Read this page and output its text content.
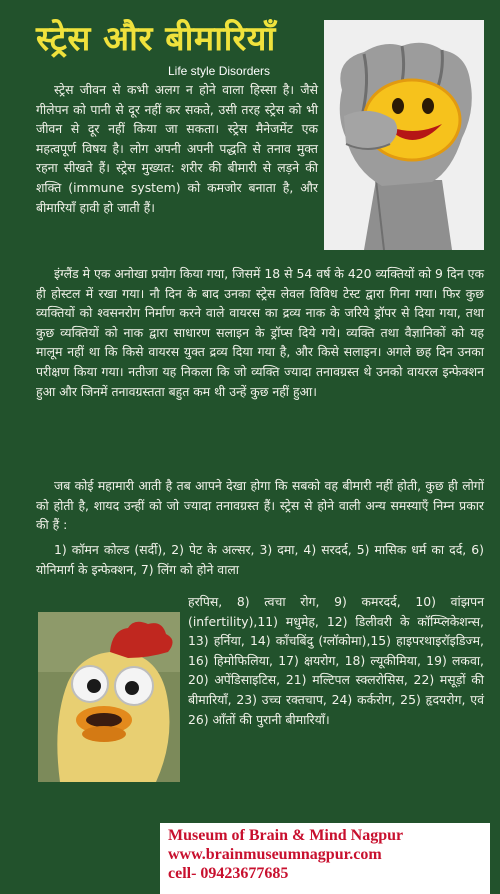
स्ट्रेस और बीमारियाँ
Life style Disorders
स्ट्रेस जीवन से कभी अलग न होने वाला हिस्सा है। जैसे गीलेपन को पानी से दूर नहीं कर सकते, उसी तरह स्ट्रेस को भी जीवन से दूर नहीं किया जा सकता। स्ट्रेस मैनेजमेंट एक महत्वपूर्ण विषय है। लोग अपनी अपनी पद्धति से तनाव मुक्त रहना सीखते हैं। स्ट्रेस मुख्यत: शरीर की बीमारी से लड़ने की शक्ति (immune system) को कमजोर बनाता है, और बीमारियाँ हावी हो जाती हैं।
इंग्लैंड मे एक अनोखा प्रयोग किया गया, जिसमें 18 से 54 वर्ष के 420 व्यक्तियों को 9 दिन एक ही होस्टल में रखा गया। नौ दिन के बाद उनका स्ट्रेस लेवल विविध टेस्ट द्वारा गिना गया। फिर कुछ व्यक्तियों को श्वसनरोग निर्माण करने वाले वायरस का द्रव्य नाक के जरिये ड्रॉपर से दिया गया, तथा कुछ व्यक्तियों को नाक द्वारा साधारण सलाइन के ड्रॉप्स दिये गये। व्यक्ति तथा वैज्ञानिकों को यह मालूम नहीं था कि किसे वायरस युक्त द्रव्य दिया गया है, और किसे सलाइन। अगले छह दिन उनका परीक्षण किया गया। नतीजा यह निकला कि जो व्यक्ति ज्यादा तनावग्रस्त थे उनको वायरल इन्फेक्शन हुआ और जिनमें तनावग्रस्तता बहुत कम थी उन्हें कुछ नहीं हुआ।
जब कोई महामारी आती है तब आपने देखा होगा कि सबको वह बीमारी नहीं होती, कुछ ही लोगों को होती है, शायद उन्हीं को जो ज्यादा तनावग्रस्त हैं। स्ट्रेस से होने वाली अन्य समस्याएँ निम्न प्रकार की हैं :
1) कॉमन कोल्ड (सर्दी), 2) पेट के अल्सर, 3) दमा, 4) सरदर्द, 5) मासिक धर्म का दर्द, 6) योनिमार्ग के इन्फेक्शन, 7) लिंग को होने वाला
हरपिस, 8) त्वचा रोग, 9) कमरदर्द, 10) वांझपन (infertility),11) मधुमेह, 12) डिलीवरी के कॉम्प्लिकेशन्स, 13) हर्निया, 14) काँचबिंदु (ग्लॉकोमा),15) हाइपरथाइरॉइडिज्म, 16) हिमोफिलिया, 17) क्षयरोग, 18) ल्यूकीमिया, 19) लकवा, 20) अपेंडिसाइटिस, 21) मल्टिपल स्क्लरोसिस, 22) मसूड़ों की बीमारियाँ, 23) उच्च रक्तचाप, 24) कर्करोग, 25) हृदयरोग, एवं 26) आँतों की पुरानी बीमारियाँ।
Museum of Brain & Mind Nagpur
www.brainmuseumnagpur.com
cell- 09423677685
